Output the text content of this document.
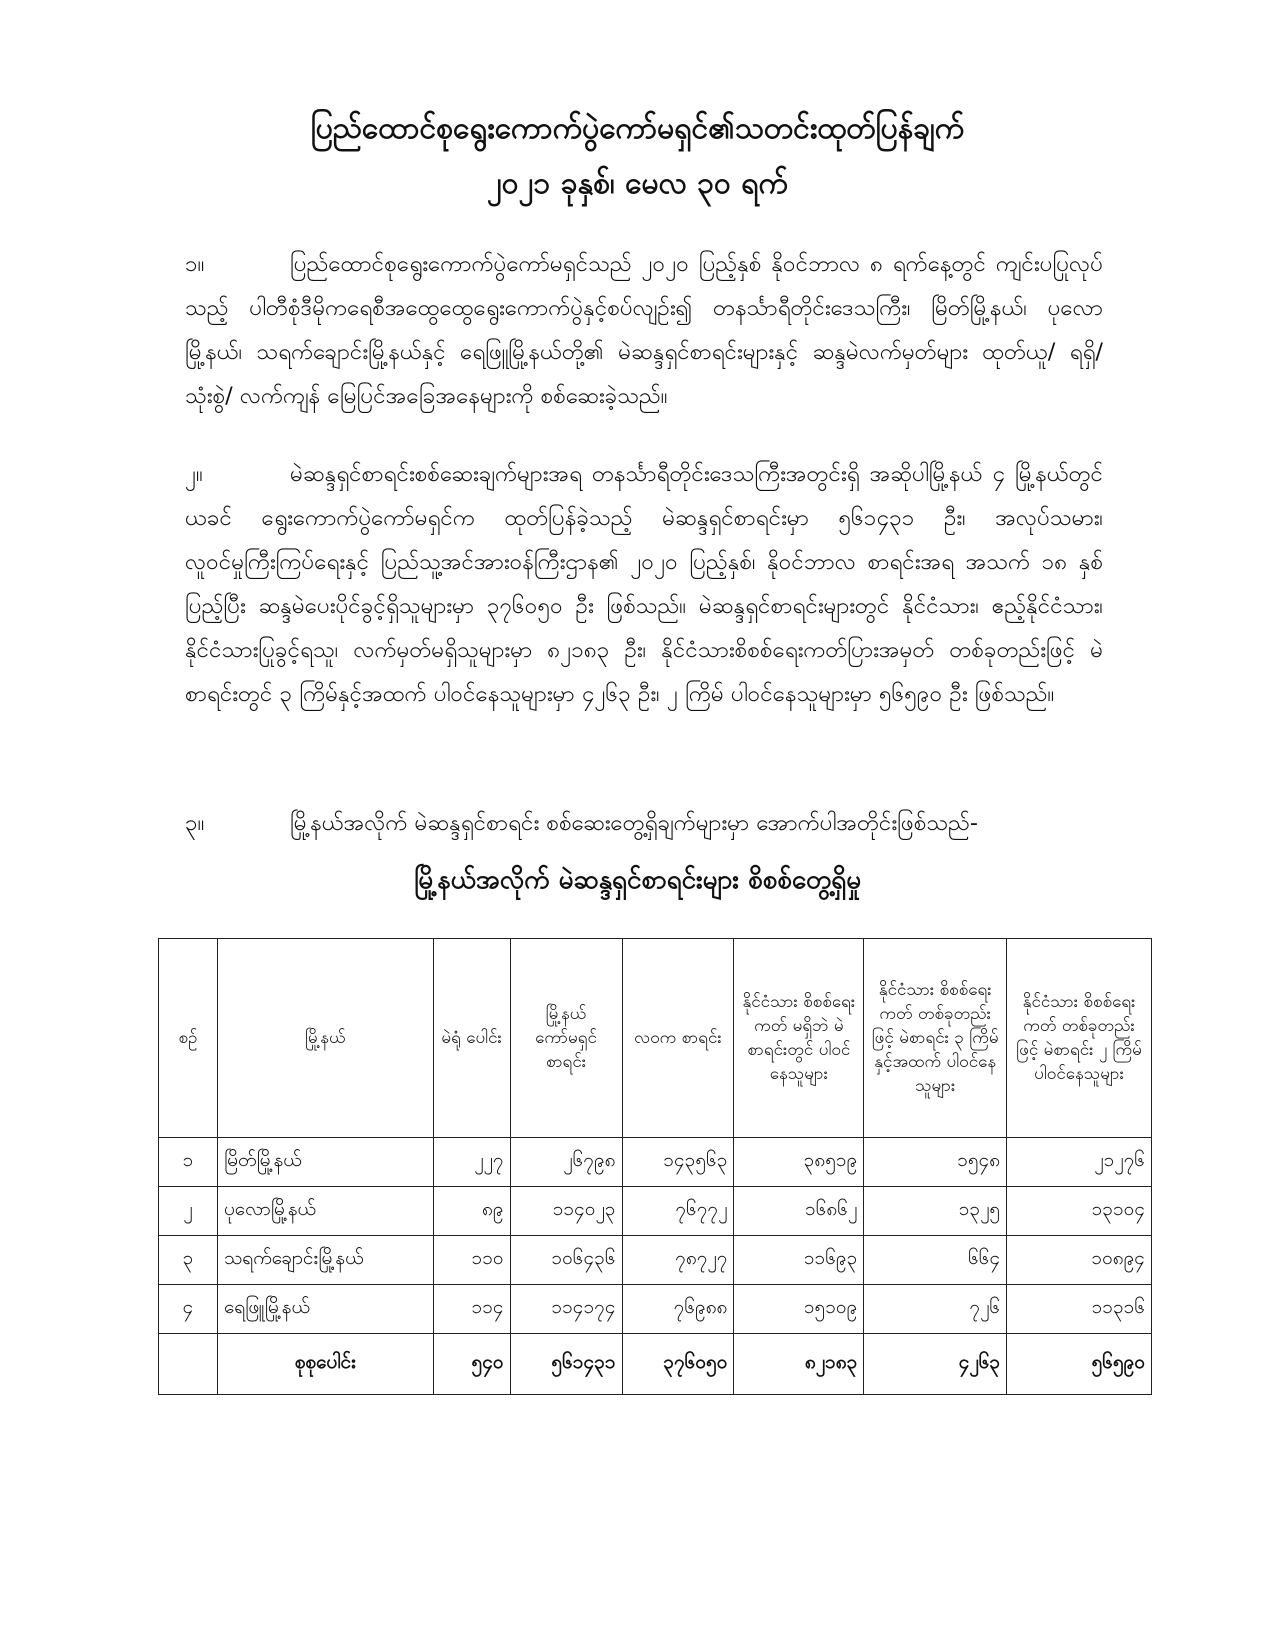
ပြည်ထောင်စုရွေးကောက်ပွဲကော်မရှင်၏သတင်းထုတ်ပြန်ချက်
၂၀၂၁ ခုနှစ်၊ မေလ ၃၀ ရက်
၁။	ပြည်ထောင်စုရွေးကောက်ပွဲကော်မရှင်သည် ၂၀၂၀ ပြည့်နှစ် နိုဝင်ဘာလ ၈ ရက်နေ့တွင် ကျင်းပပြုလုပ်သည့် ပါတီစုံဒီမိုကရေစီအထွေထွေရွေးကောက်ပွဲနှင့်စပ်လျဉ်း၍ တနင်္သာရီတိုင်းဒေသကြီး၊ မြိတ်မြို့နယ်၊ ပုလောမြို့နယ်၊ သရက်ချောင်းမြို့နယ်နှင့် ရေဖြူမြို့နယ်တို့၏ မဲဆန္ဒရှင်စာရင်းများနှင့် ဆန္ဒမဲလက်မှတ်များ ထုတ်ယူ/ ရရှိ/ သုံးစွဲ/ လက်ကျန် မြေပြင်အခြေအနေများကို စစ်ဆေးခဲ့သည်။
၂။	မဲဆန္ဒရှင်စာရင်းစစ်ဆေးချက်များအရ တနင်္သာရီတိုင်းဒေသကြီးအတွင်းရှိ အဆိုပါမြို့နယ် ၄ မြို့နယ်တွင် ယခင် ရွေးကောက်ပွဲကော်မရှင်က ထုတ်ပြန်ခဲ့သည့် မဲဆန္ဒရှင်စာရင်းမှာ ၅၆၁၄၃၁ ဦး၊ အလုပ်သမား၊ လူဝင်မှုကြီးကြပ်ရေးနှင့် ပြည်သူ့အင်အားဝန်ကြီးဌာန၏ ၂၀၂၀ ပြည့်နှစ်၊ နိုဝင်ဘာလ စာရင်းအရ အသက် ၁၈ နှစ်ပြည့်ပြီး ဆန္ဒမဲပေးပိုင်ခွင့်ရှိသူများမှာ ၃၇၆၀၅၀ ဦး ဖြစ်သည်။ မဲဆန္ဒရှင်စာရင်းများတွင် နိုင်ငံသား၊ ဧည့်နိုင်ငံသား၊ နိုင်ငံသားပြုခွင့်ရသူ၊ လက်မှတ်မရှိသူများမှာ ၈၂၁၈၃ ဦး၊ နိုင်ငံသားစိစစ်ရေးကတ်ပြားအမှတ် တစ်ခုတည်းဖြင့် မဲစာရင်းတွင် ၃ ကြိမ်နှင့်အထက် ပါဝင်နေသူများမှာ ၄၂၆၃ ဦး၊ ၂ ကြိမ် ပါဝင်နေသူများမှာ ၅၆၅၉၀ ဦး ဖြစ်သည်။
၃။	မြို့နယ်အလိုက် မဲဆန္ဒရှင်စာရင်း စစ်ဆေးတွေ့ရှိချက်များမှာ အောက်ပါအတိုင်းဖြစ်သည်-
မြို့နယ်အလိုက် မဲဆန္ဒရှင်စာရင်းများ စိစစ်တွေ့ရှိမှု
စဉ်	မြို့နယ်	မဲရုံ ပေါင်း	မြို့နယ် ကော်မရှင် စာရင်း	လဝက စာရင်း	နိုင်ငံသား စိစစ်ရေးကတ် မရှိဘဲ မဲစာရင်းတွင် ပါဝင်နေသူများ	နိုင်ငံသား စိစစ်ရေးကတ် တစ်ခုတည်းဖြင့် မဲစာရင်း ၃ ကြိမ် နှင့်အထက် ပါဝင်နေသူများ	နိုင်ငံသား စိစစ်ရေးကတ် တစ်ခုတည်းဖြင့် မဲစာရင်း ၂ ကြိမ် ပါဝင်နေသူများ
၁	မြိတ်မြို့နယ်	၂၂၇	၂၆၇၉၈	၁၄၃၅၆၃	၃၈၅၁၉	၁၅၄၈	၂၁၂၇၆
၂	ပုလောမြို့နယ်	၈၉	၁၁၄၀၂၃	၇၆၇၇၂	၁၆၈၆၂	၁၃၂၅	၁၃၁၀၄
၃	သရက်ချောင်းမြို့နယ်	၁၁၀	၁၀၆၄၃၆	၇၈၇၂၇	၁၁၆၉၃	၆၆၄	၁၀၈၉၄
၄	ရေဖြူမြို့နယ်	၁၁၄	၁၁၄၁၇၄	၇၆၉၈၈	၁၅၁၀၉	၇၂၆	၁၁၃၁၆
	စုစုပေါင်း	၅၄၀	၅၆၁၄၃၁	၃၇၆၀၅၀	၈၂၁၈၃	၄၂၆၃	၅၆၅၉၀
